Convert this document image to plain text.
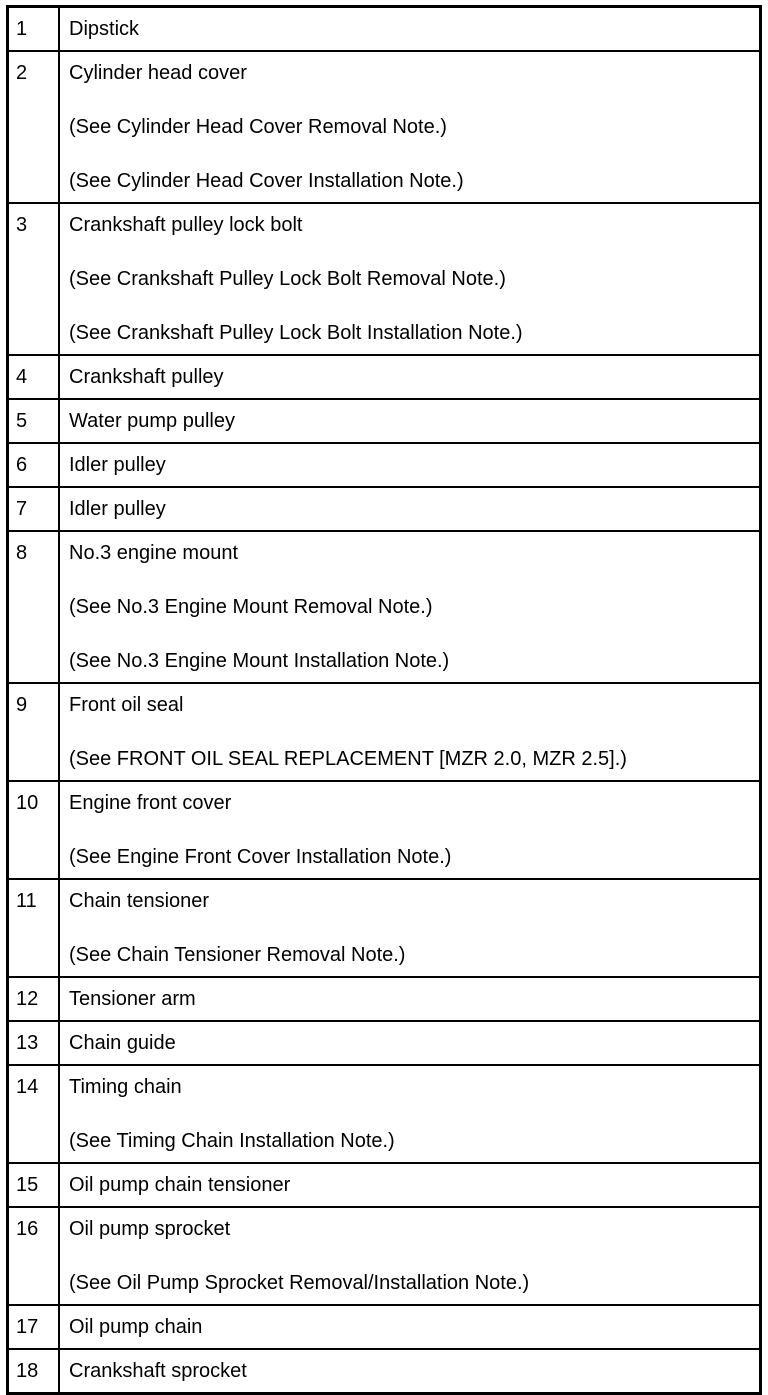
1	Dipstick

2	Cylinder head cover

(See Cylinder Head Cover Removal Note.)

(See Cylinder Head Cover Installation Note.)

3	Crankshaft pulley lock bolt

(See Crankshaft Pulley Lock Bolt Removal Note.)

(See Crankshaft Pulley Lock Bolt Installation Note.)

4	Crankshaft pulley

5	Water pump pulley

6	Idler pulley

7	Idler pulley

8	No.3 engine mount

(See No.3 Engine Mount Removal Note.)

(See No.3 Engine Mount Installation Note.)

9	Front oil seal

(See FRONT OIL SEAL REPLACEMENT [MZR 2.0, MZR 2.5].)

10	Engine front cover

(See Engine Front Cover Installation Note.)

11	Chain tensioner

(See Chain Tensioner Removal Note.)

12	Tensioner arm

13	Chain guide

14	Timing chain

(See Timing Chain Installation Note.)

15	Oil pump chain tensioner

16	Oil pump sprocket

(See Oil Pump Sprocket Removal/Installation Note.)

17	Oil pump chain

18	Crankshaft sprocket
